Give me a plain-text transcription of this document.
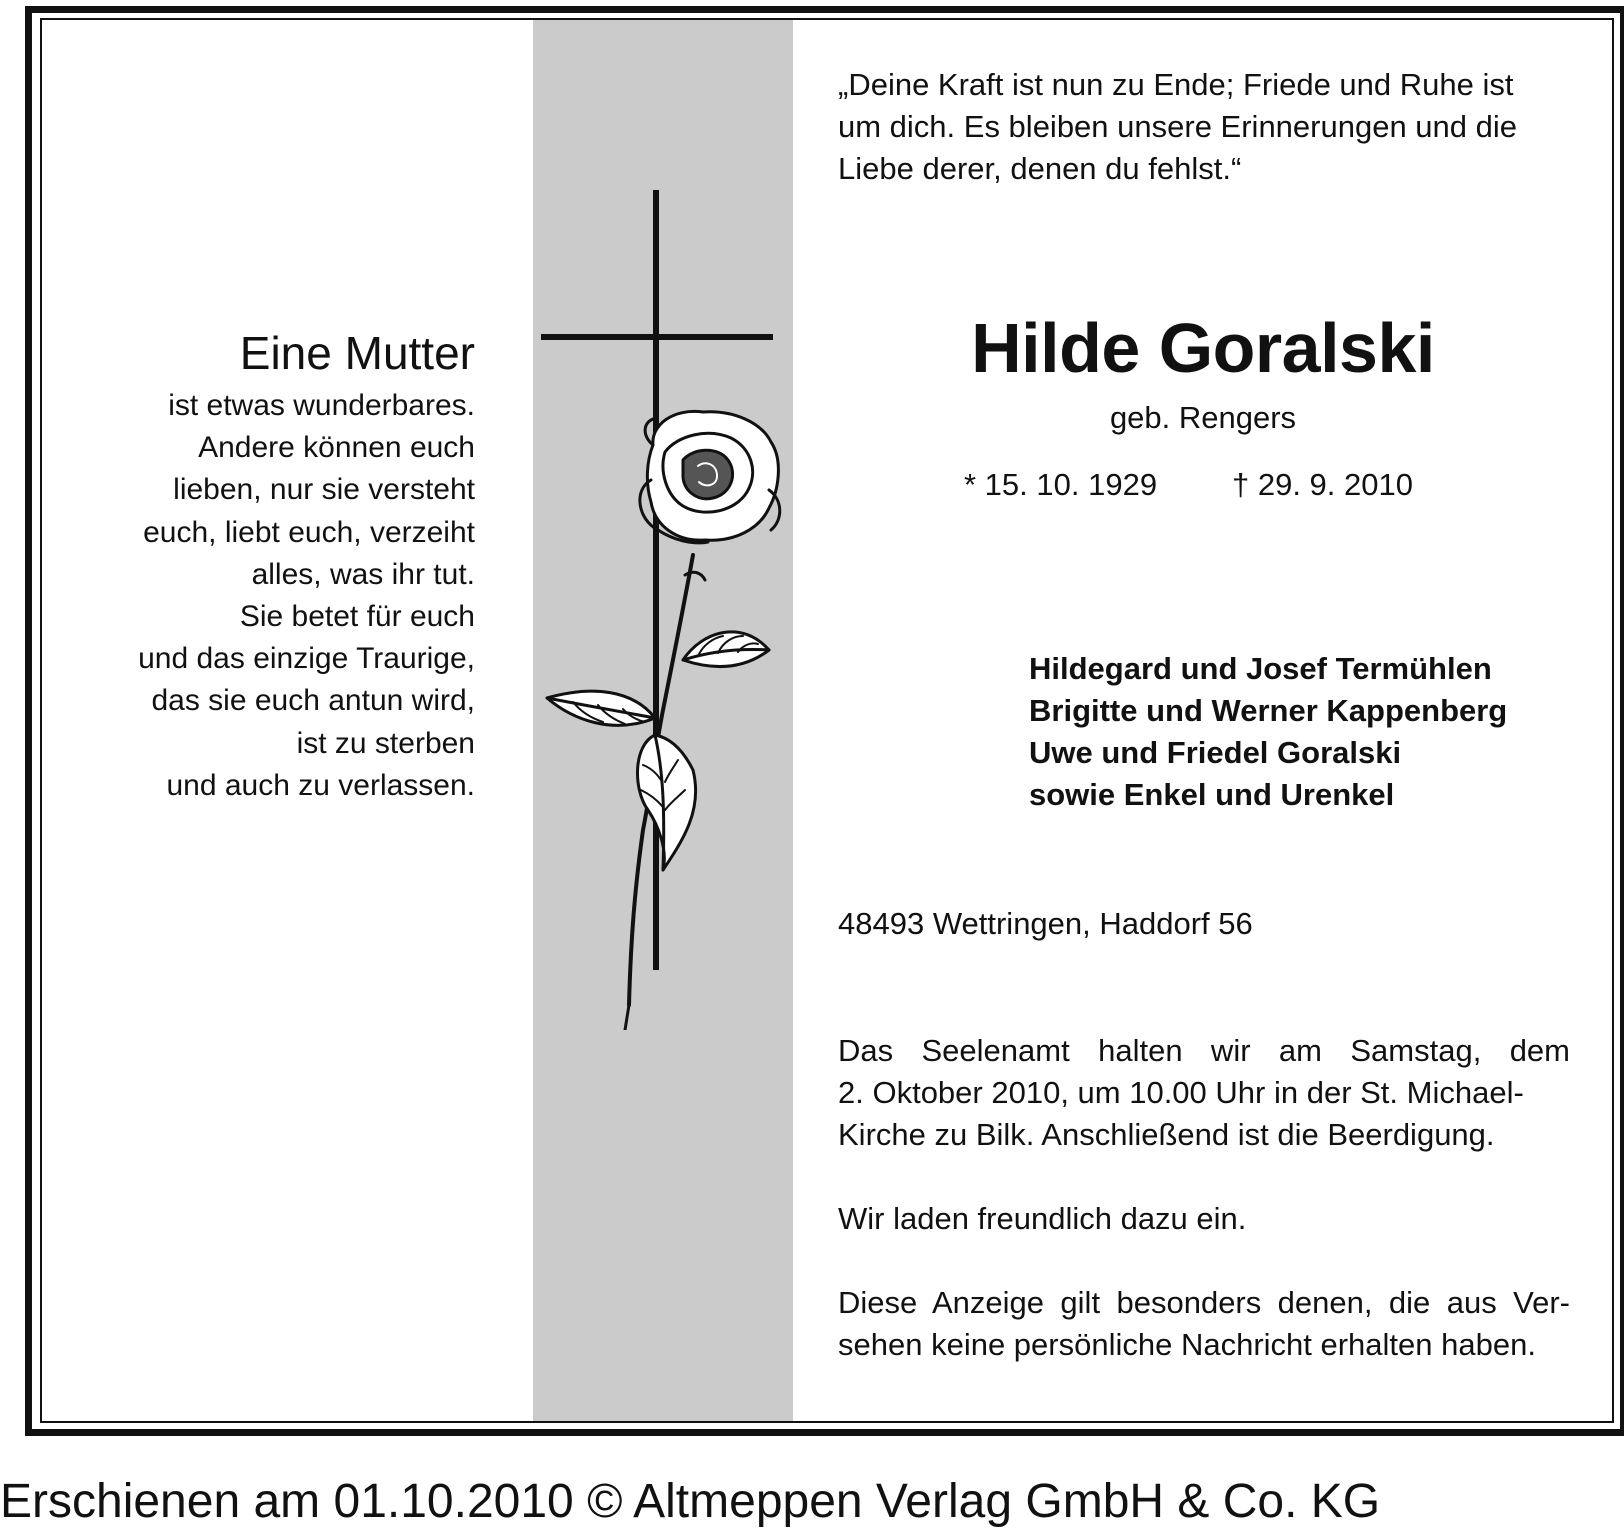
Eine Mutter
ist etwas wunderbares.
Andere können euch
lieben, nur sie versteht
euch, liebt euch, verzeiht
alles, was ihr tut.
Sie betet für euch
und das einzige Traurige,
das sie euch antun wird,
ist zu sterben
und auch zu verlassen.
„Deine Kraft ist nun zu Ende; Friede und Ruhe ist
um dich. Es bleiben unsere Erinnerungen und die
Liebe derer, denen du fehlst.“
Hilde Goralski
geb. Rengers
* 15. 10. 1929 † 29. 9. 2010
Hildegard und Josef Termühlen
Brigitte und Werner Kappenberg
Uwe und Friedel Goralski
sowie Enkel und Urenkel
48493 Wettringen, Haddorf 56
Das Seelenamt halten wir am Samstag, dem
2. Oktober 2010, um 10.00 Uhr in der St. Michael-
Kirche zu Bilk. Anschließend ist die Beerdigung.
Wir laden freundlich dazu ein.
Diese Anzeige gilt besonders denen, die aus Ver-
sehen keine persönliche Nachricht erhalten haben.
Erschienen am 01.10.2010 © Altmeppen Verlag GmbH & Co. KG
